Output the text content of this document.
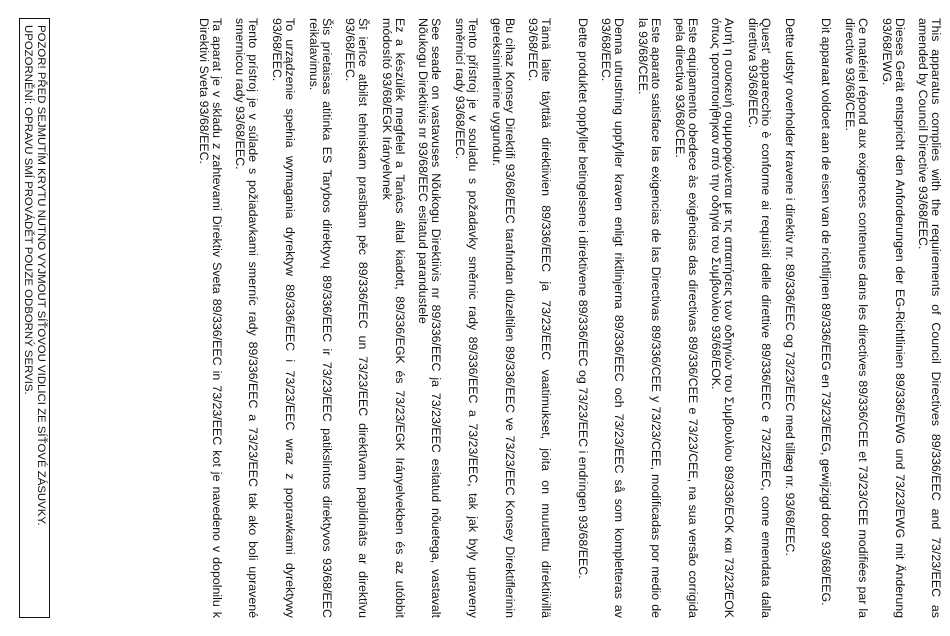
This apparatus complies with the requirements of Council Directives 89/336/EEC and 73/23/EEC as amended by Council Directive 93/68/EEC.

Dieses Gerät entspricht den Anforderungen der EG-Richtlinien 89/336/EWG und 73/23/EWG mit Änderung 93/68/EWG.

Ce matériel répond aux exigences contenues dans les directives 89/336/CEE et 73/23/CEE modifiées par la directive 93/68/CEE.

Dit apparaat voldoet aan de eisen van de richtlijnen 89/336/EEG en 73/23/EEG, gewijzigd door 93/68/EEG.

Dette udstyr overholder kravene i direktiv nr. 89/336/EEC og 73/23/EEC med tillæg nr. 93/68/EEC.

Quest' apparecchio è conforme ai requisiti delle direttive 89/336/EEC e 73/23/EEC, come emendata dalla direttiva 93/68/EEC.

Αυτή η συσκευή συμμορφώνεται με τις απαιτήσεις των οδηγιών του Συμβουλίου 89/336/ΕΟΚ και 73/23/ΕΟΚ όπως τροποποιήθηκαν από την οδηγία του Συμβουλίου 93/68/ΕΟΚ.

Este equipamento obedece às exigências das directivas 89/336/CEE e 73/23/CEE, na sua versão corrigida pela directiva 93/68/CEE.

Este aparato satisface las exigencias de las Directivas 89/336/CEE y 73/23/CEE, modificadas por medio de la 93/68/CEE.

Denna utrustning uppfyller kraven enligt riktlinjerna 89/336/EEC och 73/23/EEC så som kompletteras av 93/68/EEC.

Dette produktet oppfyller betingelsene i direktivene 89/336/EEC og 73/23/EEC i endringen 93/68/EEC.

Tämä laite täyttää direktiivien 89/336/EEC ja 73/23/EEC vaatimukset, joita on muutettu direktiivillä 93/68/EEC.

Bu cihaz Konsey Direktifi 93/68/EEC tarafından düzeltilen 89/336/EEC ve 73/23/EEC Konsey Direktiflerinin gereksinimlerine uygundur.

Tento přístroj je v souladu s požadavky směrnic rady 89/336/EEC a 73/23/EEC, tak jak byly upraveny směrnicí rady 93/68/EEC.

See seade on vastavuses Nõukogu Direktiivis nr 89/336/EEC ja 73/23/EEC esitatud nõuetega, vastavalt Nõukogu Direktiivis nr 93/68/EEC esitatud parandustele

Ez a készülék megfelel a Tanács által kiadott, 89/336/EGK és 73/23/EGK Irányelvekben és az utóbbit módosító 93/68/EGK Irányelvnek

Šī ierīce atbilst tehniskam prasībam pēc 89/336/EEC un 73/23/EEC direktīvam papildināts ar direktīvu 93/68/EEC.

Šis prietaisas atitinka ES Tarybos direktyvų 89/336/EEC ir 73/23/EEC patikslintos direktyvos 93/68/EEC reikalavimus.

To urządzenie spełnia wymagania dyrektyw 89/336/EEC i 73/23/EEC wraz z poprawkami dyrektywy 93/68/EEC.

Tento prístroj je v súlade s požiadavkami smerníc rady 89/336/EEC a 73/23/EEC tak ako boli upravené smernicou rady 93/68/EEC.

Ta aparat je v skladu z zahtevami Direktiv Sveta 89/336/EEC in 73/23/EEC kot je navedeno v dopolnilu k Direktivi Sveta 93/68/EEC.

POZOR! PŘED SEJMUTÍM KRYTU NUTNO VYJMOUT SÍŤOVOU VIDLICI ZE SÍŤOVÉ ZÁSUVKY.
UPOZORNĚNÍ: OPRAVU SMÍ PROVÁDĚT POUZE ODBORNÝ SERVIS.
